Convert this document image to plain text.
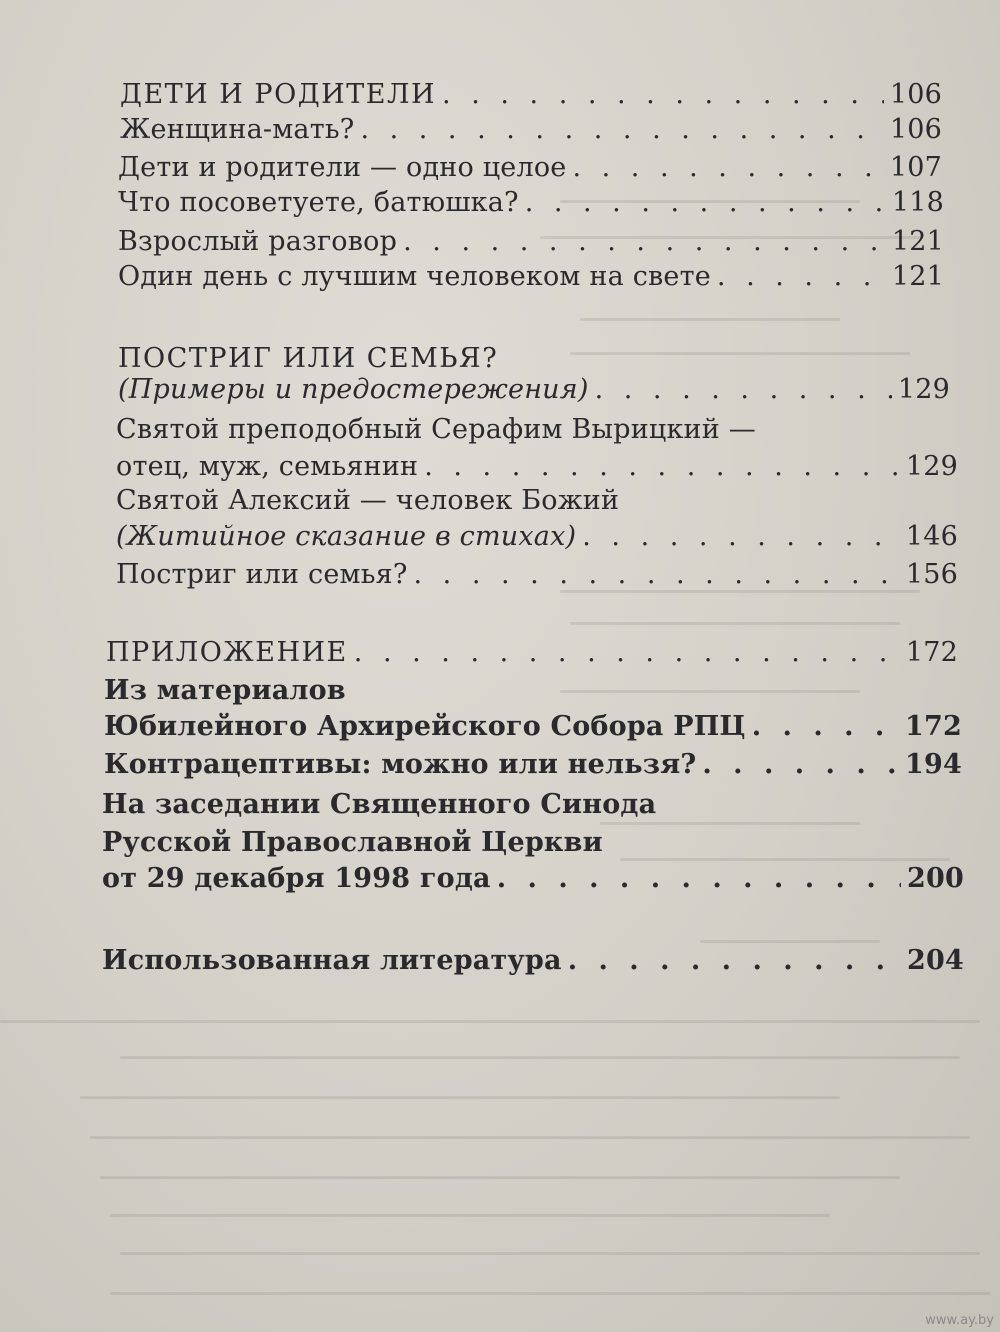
ДЕТИ И РОДИТЕЛИ . . .	106
Женщина-мать? . . .	106
Дети и родители — одно целое . . .	107
Что посоветуете, батюшка? . . .	118
Взрослый разговор . . .	121
Один день с лучшим человеком на свете . . .	121
ПОСТРИГ ИЛИ СЕМЬЯ?
(Примеры и предостережения) . . .	129
Святой преподобный Серафим Вырицкий —
отец, муж, семьянин . . .	129
Святой Алексий — человек Божий
(Житийное сказание в стихах) . . .	146
Постриг или семья? . . .	156
ПРИЛОЖЕНИЕ . . .	172
Из материалов
Юбилейного Архирейского Собора РПЦ . . .	172
Контрацептивы: можно или нельзя? . . .	194
На заседании Священного Синода
Русской Православной Церкви
от 29 декабря 1998 года . . .	200
Использованная литература . . .	204
www.ay.by
